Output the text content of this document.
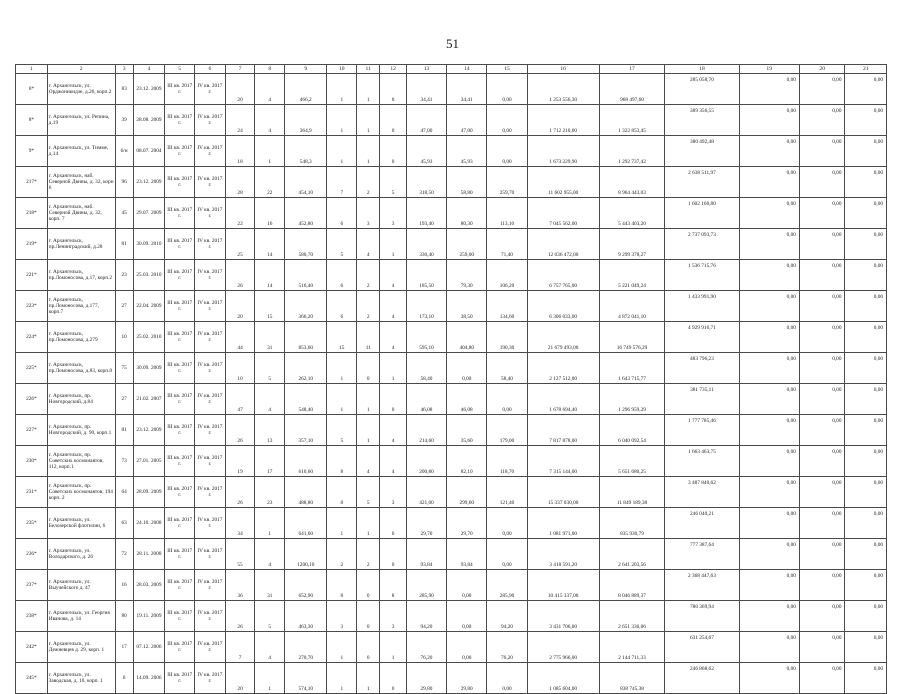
51
1	2	3	4	5	6	7	8	9	10	11	12	13	14	15	16	17	18	19	20	21
6*	г. Архангельск, ул. Орджоникидзе, д.26, корп.2	83	23.12. 2009	III кв. 2017 г.	IV кв. 2017 г.	20	4	466,2	1	1	0	34,41	34,41	0,00	1 253 556,30	968 497,60	285 058,70	0,00	0,00	0,00
8*	г. Архангельск, ул. Репина, д.19	39	28.08. 2009	III кв. 2017 г.	IV кв. 2017 г.	24	4	364,9	1	1	0	47,00	47,00	0,00	1 712 210,00	1 322 853,45	389 356,55	0,00	0,00	0,00
9*	г. Архангельск, ул. Тимме, д.14	6/н	08.07. 2004	III кв. 2017 г.	IV кв. 2017 г.	18	1	548,3	1	1	0	45,93	45,93	0,00	1 673 229,90	1 292 737,42	380 492,48	0,00	0,00	0,00
217*	г. Архангельск, наб. Северной Двины, д. 32, корп 6	96	23.12. 2009	III кв. 2017 г.	IV кв. 2017 г.	28	22	454,10	7	2	5	318,50	58,80	259,70	11 602 955,00	8 964 443,03	2 638 511,97	0,00	0,00	0,00
218*	г. Архангельск, наб. Северной Двины, д. 32, корп. 7	45	29.07. 2009	III кв. 2017 г.	IV кв. 2017 г.	22	16	452,80	6	3	3	193,40	80,30	113,10	7 045 562,00	5 443 403,20	1 602 160,80	0,00	0,00	0,00
219*	г. Архангельск, пр.Ленинградский, д.28	81	30.09. 2010	III кв. 2017 г.	IV кв. 2017 г.	25	14	580,70	5	4	1	330,40	259,00	71,40	12 036 472,00	9 299 378,27	2 737 093,73	0,00	0,00	0,00
221*	г. Архангельск, пр.Ломоносова, д.17, корп.2	23	25.03. 2010	III кв. 2017 г.	IV кв. 2017 г.	26	14	516,40	6	2	4	185,50	79,30	106,20	6 757 765,00	5 221 049,24	1 536 715,76	0,00	0,00	0,00
223*	г. Архангельск, пр.Ломоносова, д.177, корп.7	27	22.04. 2009	III кв. 2017 г.	IV кв. 2017 г.	20	15	366,20	6	2	4	173,10	38,50	134,60	6 306 033,00	4 872 041,10	1 433 991,90	0,00	0,00	0,00
224*	г. Архангельск, пр.Ломоносова, д.279	10	25.02. 2010	III кв. 2017 г.	IV кв. 2017 г.	44	31	853,60	15	11	4	595,10	404,80	190,30	21 679 493,00	16 749 576,29	4 929 916,71	0,00	0,00	0,00
225*	г. Архангельск, пр.Ломоносова, д.83, корп.8	75	30.09. 2009	III кв. 2017 г.	IV кв. 2017 г.	10	5	262,10	1	0	1	58,40	0,00	58,40	2 127 512,00	1 643 715,77	483 796,23	0,00	0,00	0,00
226*	г. Архангельск, пр. Новгородский, д.84	27	21.02. 2007	III кв. 2017 г.	IV кв. 2017 г.	47	4	548,40	1	1	0	46,08	46,08	0,00	1 678 694,40	1 296 959,29	381 735,11	0,00	0,00	0,00
227*	г. Архангельск, пр. Новгородский, д. 90, корп.1	81	23.12. 2009	III кв. 2017 г.	IV кв. 2017 г.	26	13	357,10	5	1	4	214,60	35,60	179,00	7 817 878,00	6 040 092,54	1 777 785,46	0,00	0,00	0,00
230*	г. Архангельск, пр. Советских космонавтов, 112, корп.1	73	27.01. 2005	III кв. 2017 г.	IV кв. 2017 г.	19	17	610,60	8	4	4	200,80	82,10	118,70	7 315 144,00	5 651 680,25	1 663 463,75	0,00	0,00	0,00
231*	г. Архангельск, пр. Советских космонавтов, 194 корп. 2	64	28.09. 2009	III кв. 2017 г.	IV кв. 2017 г.	26	23	488,80	8	5	3	421,00	299,60	121,40	15 337 030,00	11 849 189,38	3 487 840,62	0,00	0,00	0,00
235*	г. Архангельск, ул. Белозерской флотилии, 6	63	24.10. 2008	III кв. 2017 г.	IV кв. 2017 г.	34	1	641,60	1	1	0	29,70	29,70	0,00	1 081 971,00	835 930,79	246 040,21	0,00	0,00	0,00
236*	г. Архангельск, ул. Володарского, д. 26	72	28.11. 2008	III кв. 2017 г.	IV кв. 2017 г.	55	4	1200,10	2	2	0	93,84	93,84	0,00	3 418 591,20	2 641 203,56	777 387,64	0,00	0,00	0,00
237*	г. Архангельск, ул. Выучейского д. 47	16	28.03. 2009	III кв. 2017 г.	IV кв. 2017 г.	36	31	652,90	8	0	8	285,90	0,00	285,90	10 415 337,00	8 046 889,37	2 368 447,63	0,00	0,00	0,00
238*	г. Архангельск, ул. Георгия Иванова, д. 14	80	19.11. 2009	III кв. 2017 г.	IV кв. 2017 г.	26	5	463,30	3	0	3	94,20	0,00	94,20	3 431 706,00	2 651 336,06	780 369,94	0,00	0,00	0,00
242*	г. Архангельск, ул. Дежневцев д. 29, корп. 1	17	07.12. 2006	III кв. 2017 г.	IV кв. 2017 г.	7	4	270,70	1	0	1	76,20	0,00	76,20	2 775 966,00	2 144 711,33	631 254,67	0,00	0,00	0,00
245*	г. Архангельск, ул. Заводская, д. 10, корп. 1	6	14.09. 2006	III кв. 2017 г.	IV кв. 2017 г.	20	1	574,10	1	1	0	29,80	29,80	0,00	1 085 604,00	838 745,38	246 868,62	0,00	0,00	0,00
